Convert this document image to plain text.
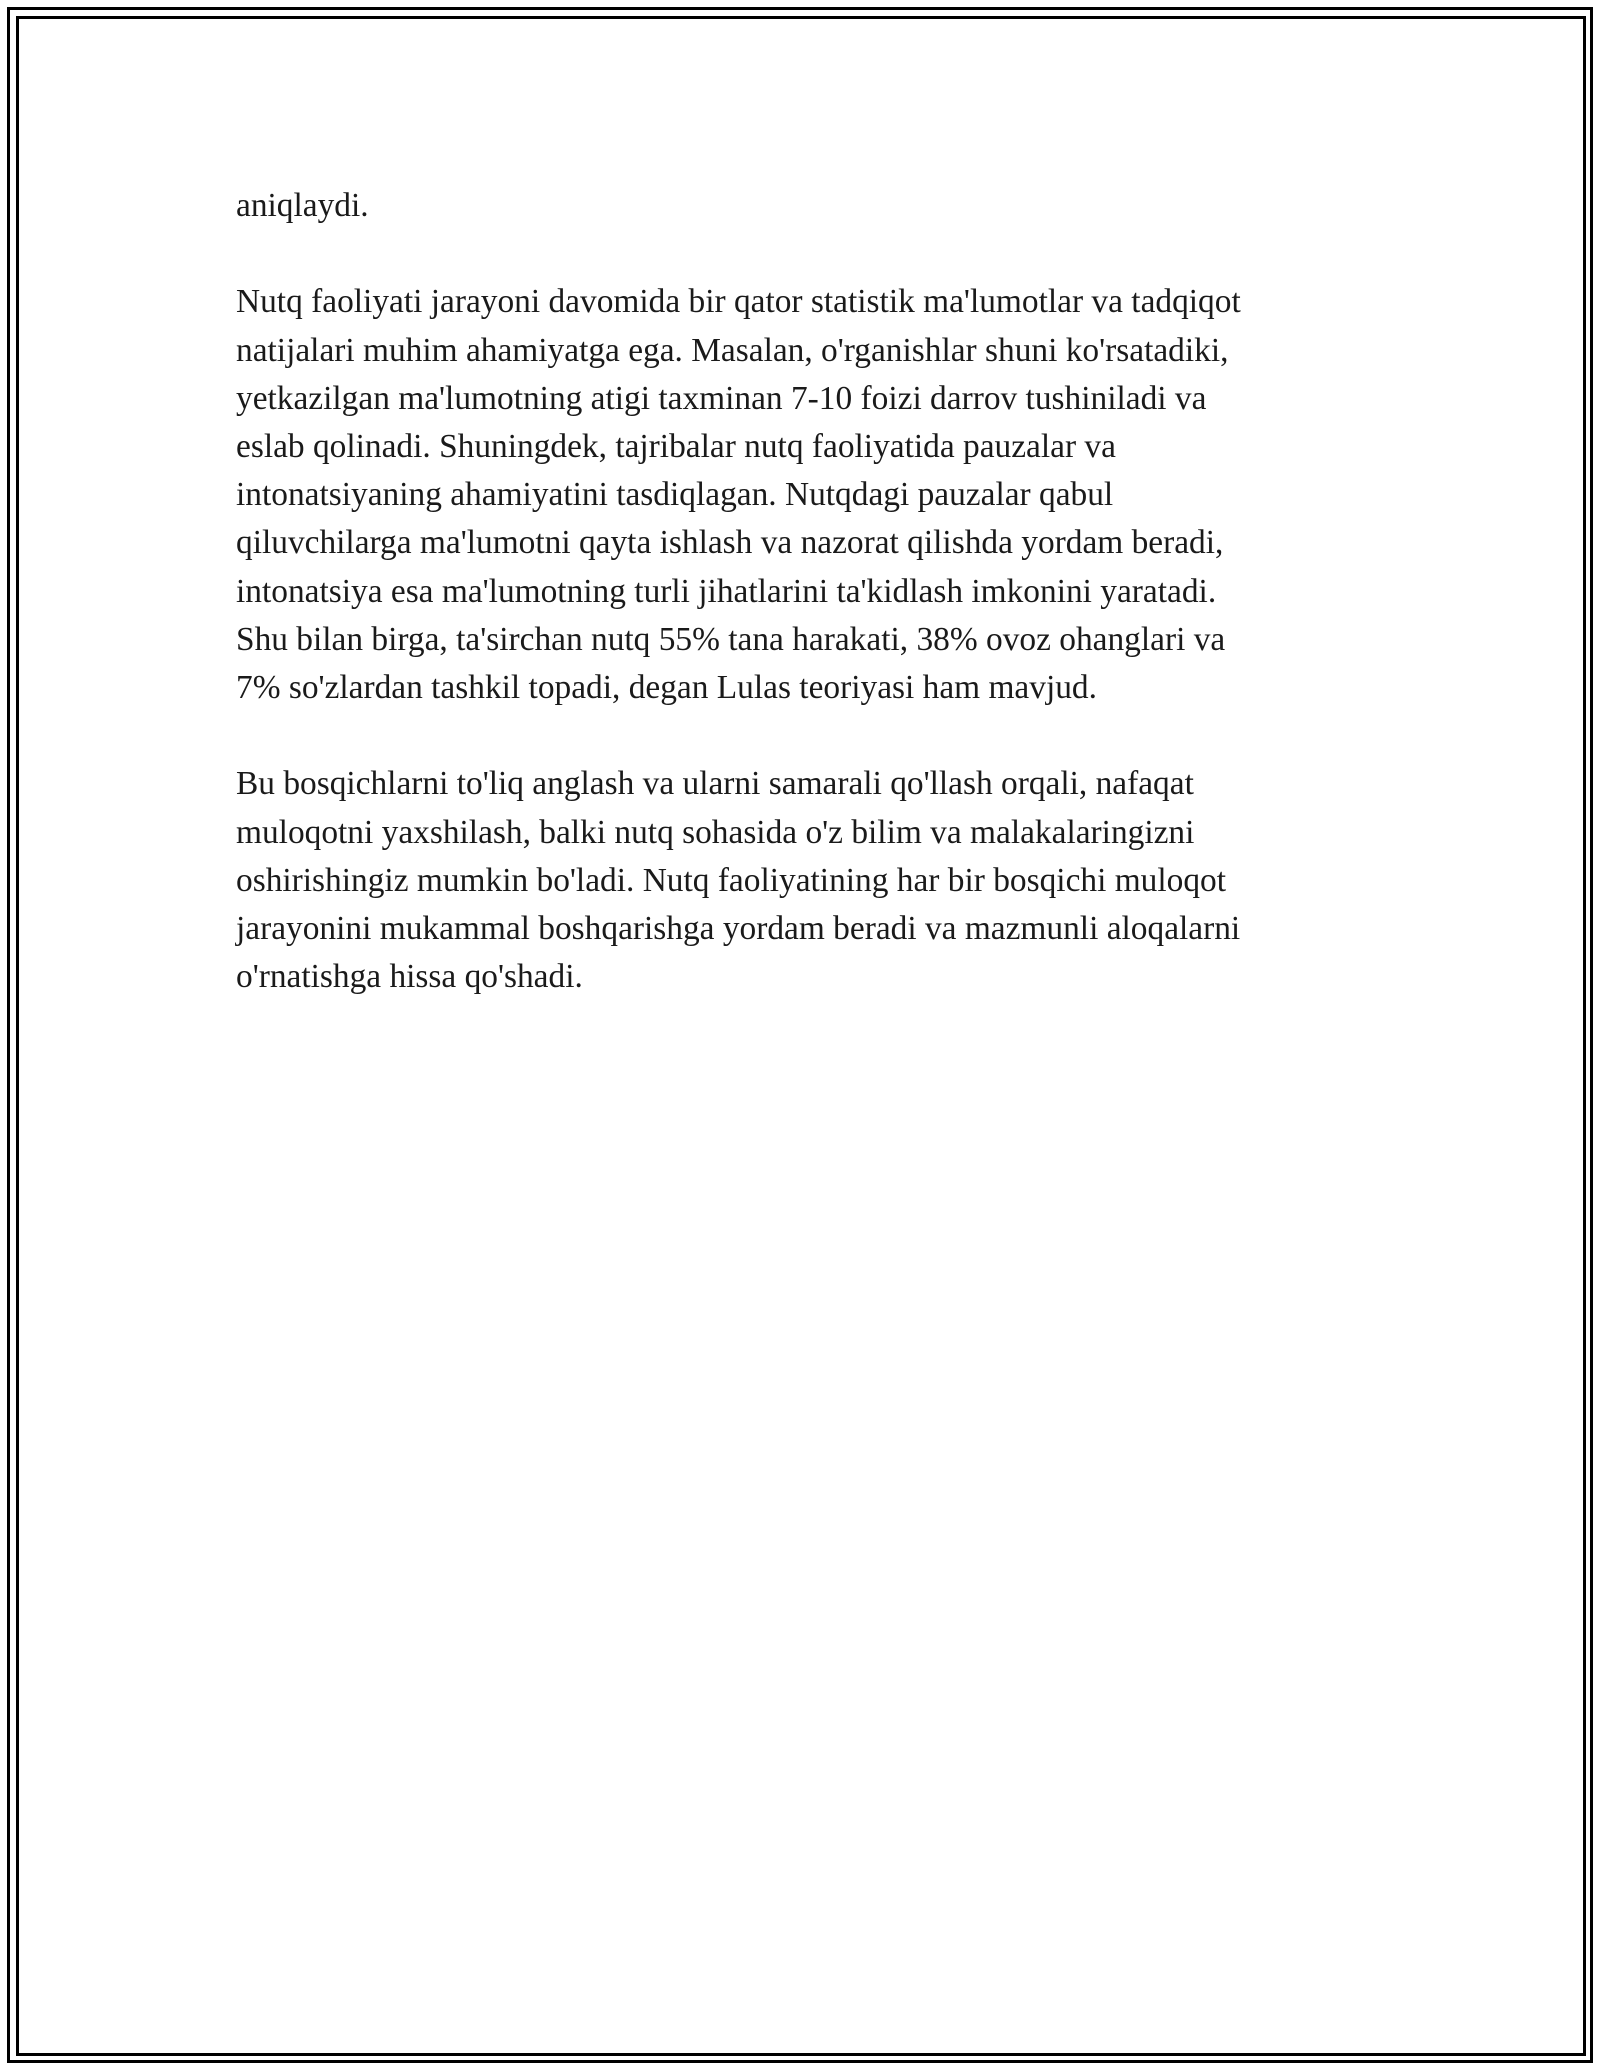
aniqlaydi.

Nutq faoliyati jarayoni davomida bir qator statistik ma'lumotlar va tadqiqot
natijalari muhim ahamiyatga ega. Masalan, o'rganishlar shuni ko'rsatadiki,
yetkazilgan ma'lumotning atigi taxminan 7-10 foizi darrov tushiniladi va
eslab qolinadi. Shuningdek, tajribalar nutq faoliyatida pauzalar va
intonatsiyaning ahamiyatini tasdiqlagan. Nutqdagi pauzalar qabul
qiluvchilarga ma'lumotni qayta ishlash va nazorat qilishda yordam beradi,
intonatsiya esa ma'lumotning turli jihatlarini ta'kidlash imkonini yaratadi.
Shu bilan birga, ta'sirchan nutq 55% tana harakati, 38% ovoz ohanglari va
7% so'zlardan tashkil topadi, degan Lulas teoriyasi ham mavjud.

Bu bosqichlarni to'liq anglash va ularni samarali qo'llash orqali, nafaqat
muloqotni yaxshilash, balki nutq sohasida o'z bilim va malakalaringizni
oshirishingiz mumkin bo'ladi. Nutq faoliyatining har bir bosqichi muloqot
jarayonini mukammal boshqarishga yordam beradi va mazmunli aloqalarni
o'rnatishga hissa qo'shadi.
